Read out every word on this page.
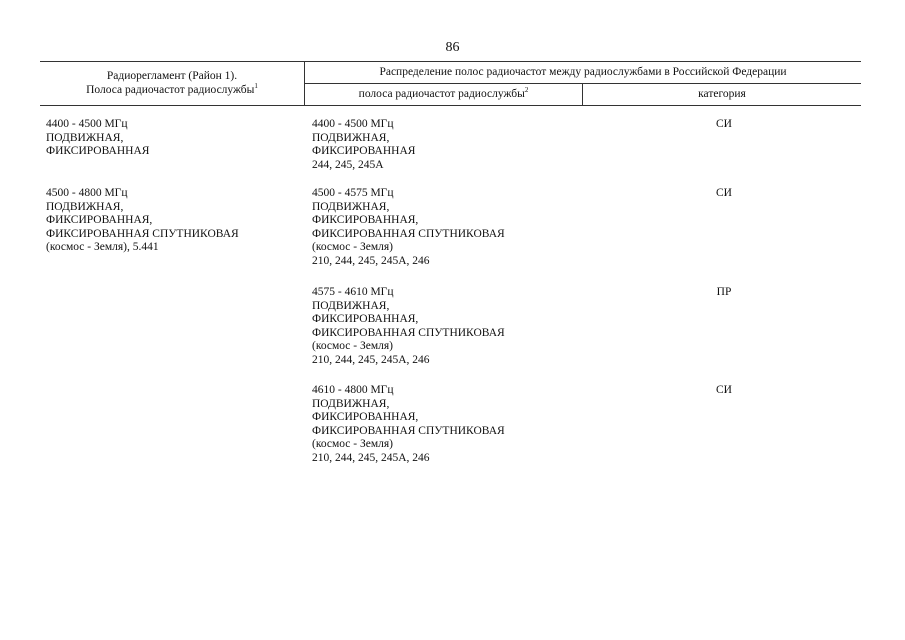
86
Радиорегламент (Район 1).
Полоса радиочастот радиослужбы$^1$
Распределение полос радиочастот между радиослужбами в Российской Федерации
полоса радиочастот радиослужбы$^2$	категория
4400 - 4500 МГц
ПОДВИЖНАЯ,
ФИКСИРОВАННАЯ
4500 - 4800 МГц
ПОДВИЖНАЯ,
ФИКСИРОВАННАЯ,
ФИКСИРОВАННАЯ СПУТНИКОВАЯ
(космос - Земля), 5.441
4400 - 4500 МГц
ПОДВИЖНАЯ,
ФИКСИРОВАННАЯ
244, 245, 245А
СИ
4500 - 4575 МГц
ПОДВИЖНАЯ,
ФИКСИРОВАННАЯ,
ФИКСИРОВАННАЯ СПУТНИКОВАЯ
(космос - Земля)
210, 244, 245, 245А, 246
СИ
4575 - 4610 МГц
ПОДВИЖНАЯ,
ФИКСИРОВАННАЯ,
ФИКСИРОВАННАЯ СПУТНИКОВАЯ
(космос - Земля)
210, 244, 245, 245А, 246
ПР
4610 - 4800 МГц
ПОДВИЖНАЯ,
ФИКСИРОВАННАЯ,
ФИКСИРОВАННАЯ СПУТНИКОВАЯ
(космос - Земля)
210, 244, 245, 245А, 246
СИ
